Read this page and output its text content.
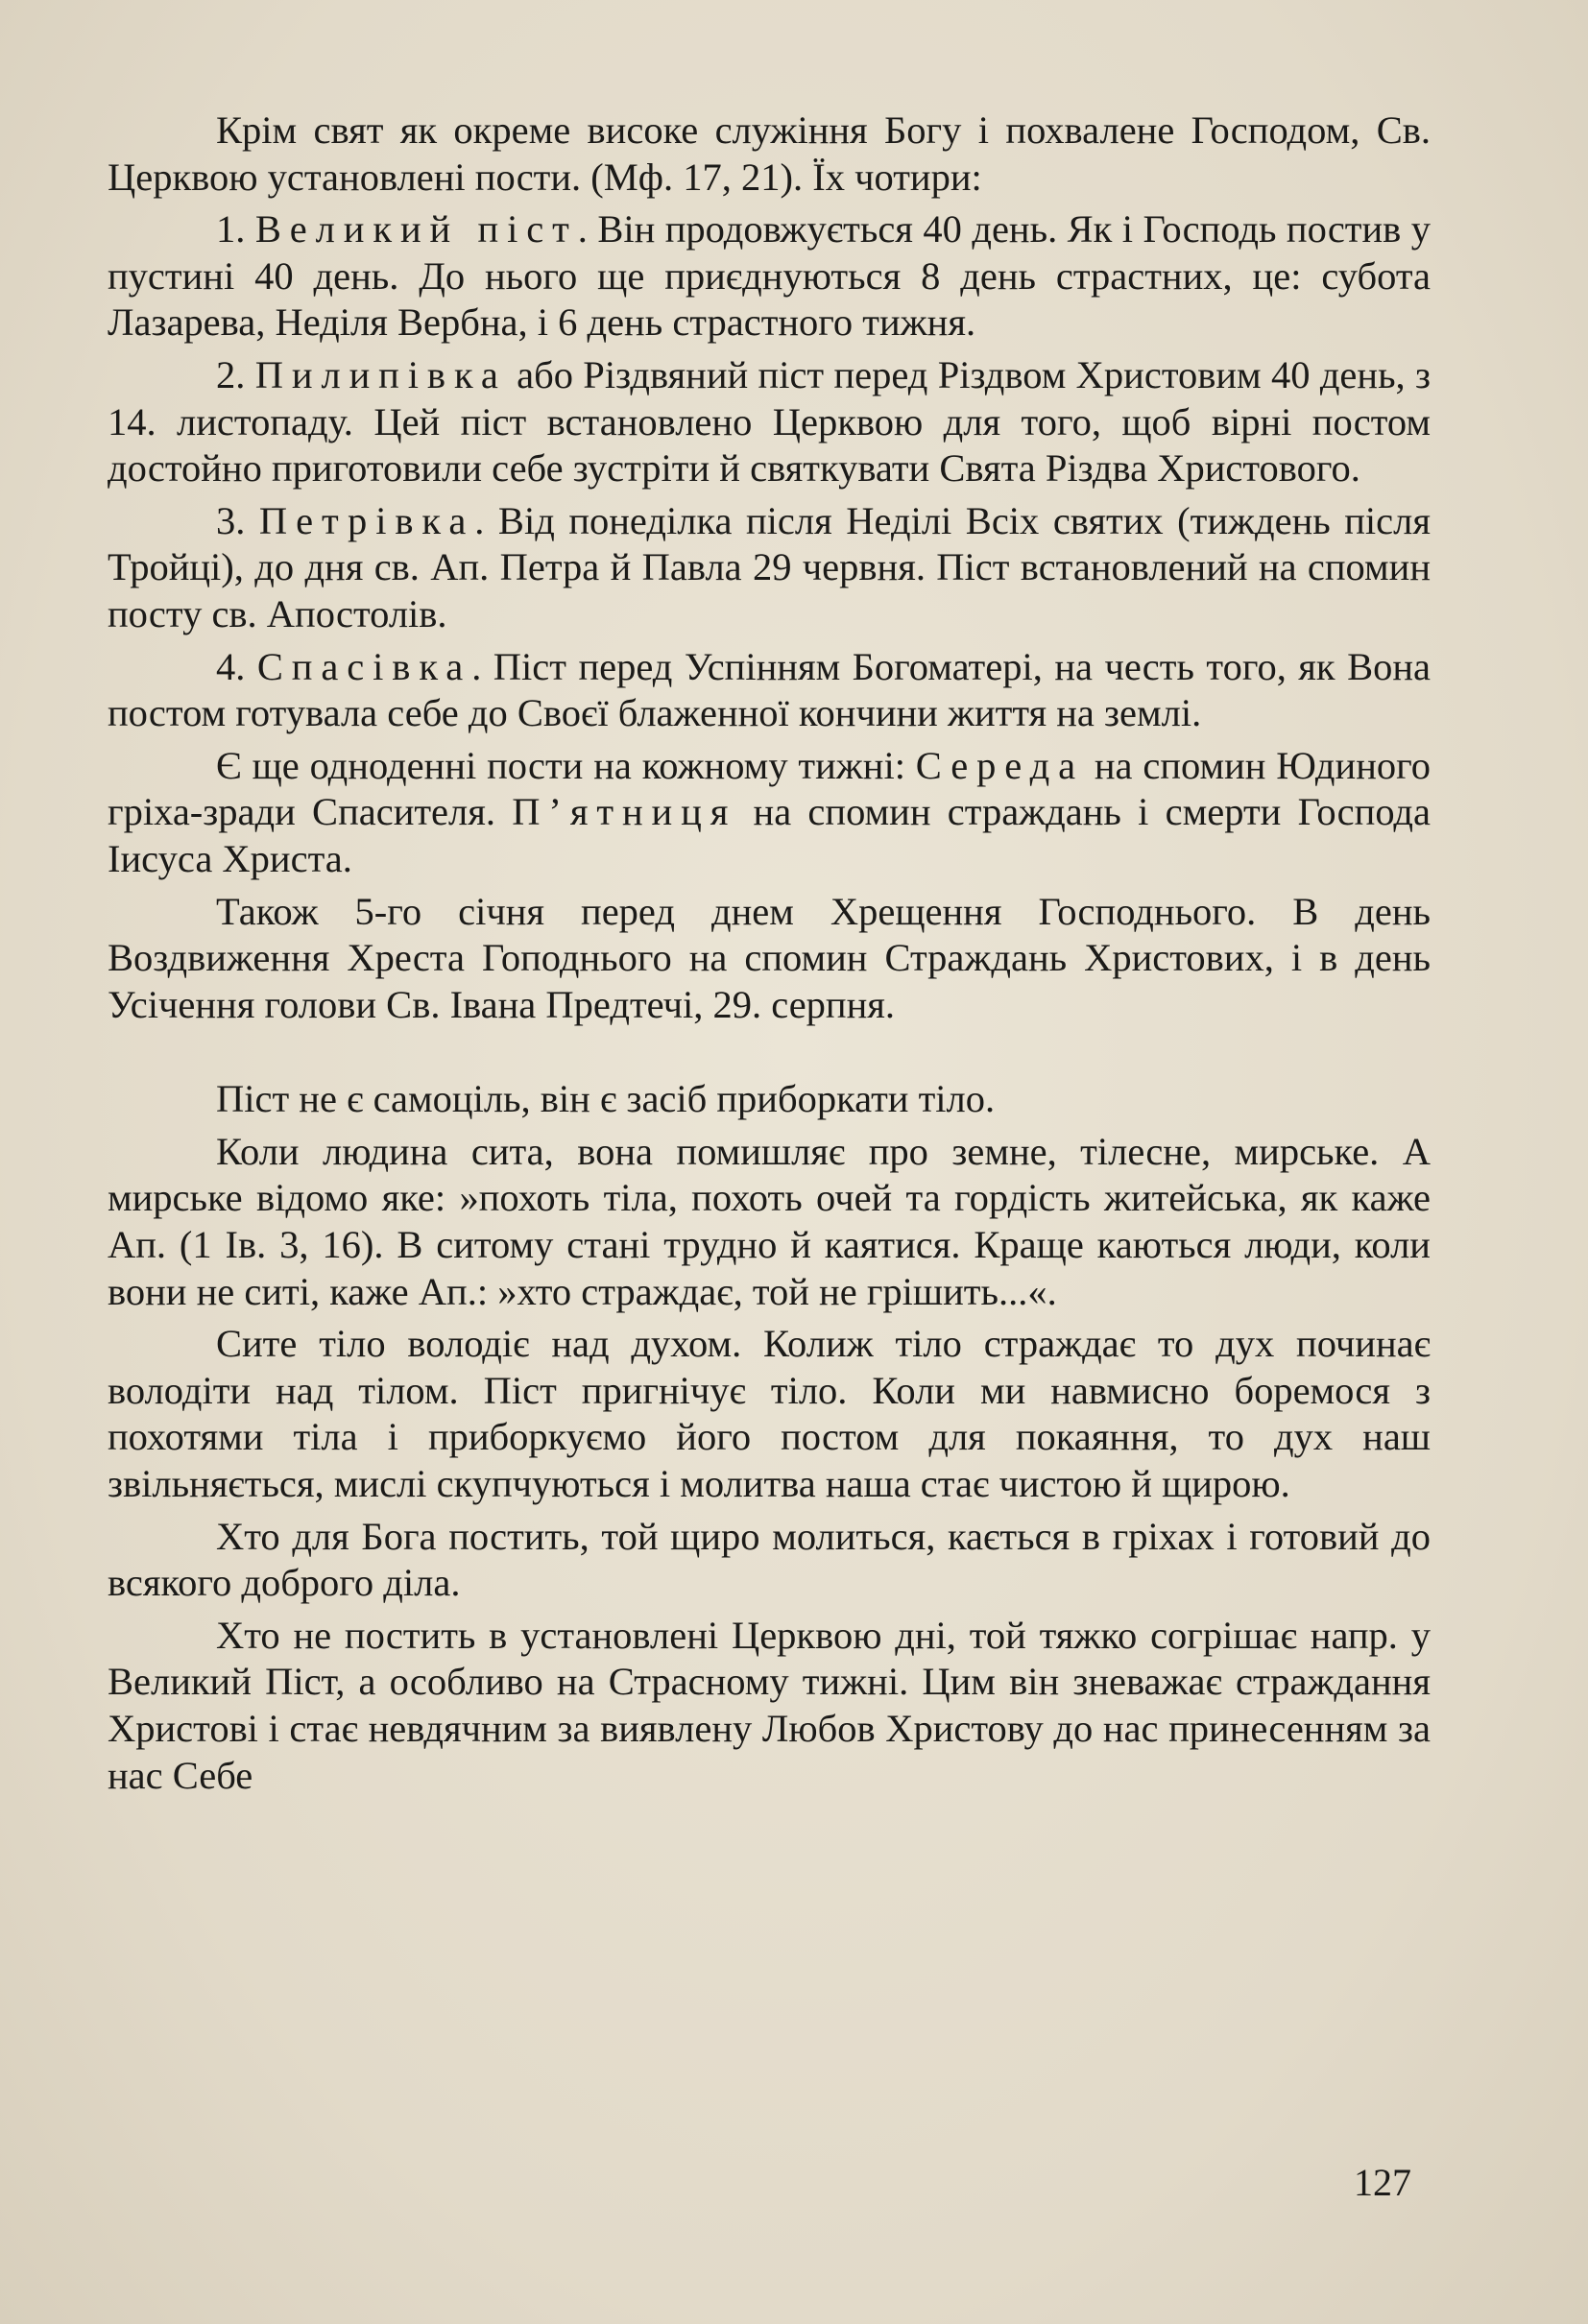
Крім свят як окреме високе служіння Богу і похвалене Господом, Св. Церквою установлені пости. (Мф. 17, 21). Їх чотири:

1. Великий піст. Він продовжується 40 день. Як і Господь постив у пустині 40 день. До нього ще приєднуються 8 день страстних, це: субота Лазарева, Неділя Вербна, і 6 день страстного тижня.

2. Пилипівка або Різдвяний піст перед Різдвом Христовим 40 день, з 14. листопаду. Цей піст встановлено Церквою для того, щоб вірні постом достойно приготовили себе зустріти й святкувати Свята Різдва Христового.

3. Петрівка. Від понеділка після Неділі Всіх святих (тиждень після Тройці), до дня св. Ап. Петра й Павла 29 червня. Піст встановлений на спомин посту св. Апостолів.

4. Спасівка. Піст перед Успінням Богоматері, на честь того, як Вона постом готувала себе до Своєї блаженної кончини життя на землі.

Є ще одноденні пости на кожному тижні: Середа на спомин Юдиного гріха-зради Спасителя. П’ятниця на спомин страждань і смерти Господа Іисуса Христа.

Також 5-го січня перед днем Хрещення Господнього. В день Воздвиження Хреста Гоподнього на спомин Страждань Христових, і в день Усічення голови Св. Івана Предтечі, 29. серпня.

Піст не є самоціль, він є засіб приборкати тіло.

Коли людина сита, вона помишляє про земне, тілесне, мирське. А мирське відомо яке: »похоть тіла, похоть очей та гордість житейська, як каже Ап. (1 Ів. 3, 16). В ситому стані трудно й каятися. Краще каються люди, коли вони не ситі, каже Ап.: »хто страждає, той не грішить...«.

Сите тіло володіє над духом. Колиж тіло страждає то дух починає володіти над тілом. Піст пригнічує тіло. Коли ми навмисно боремося з похотями тіла і приборкуємо його постом для покаяння, то дух наш звільняється, мислі скупчуються і молитва наша стає чистою й щирою.

Хто для Бога постить, той щиро молиться, кається в гріхах і готовий до всякого доброго діла.

Хто не постить в установлені Церквою дні, той тяжко согрішає напр. у Великий Піст, а особливо на Страсному тижні. Цим він зневажає страждання Христові і стає невдячним за виявлену Любов Христову до нас принесенням за нас Себе

127
